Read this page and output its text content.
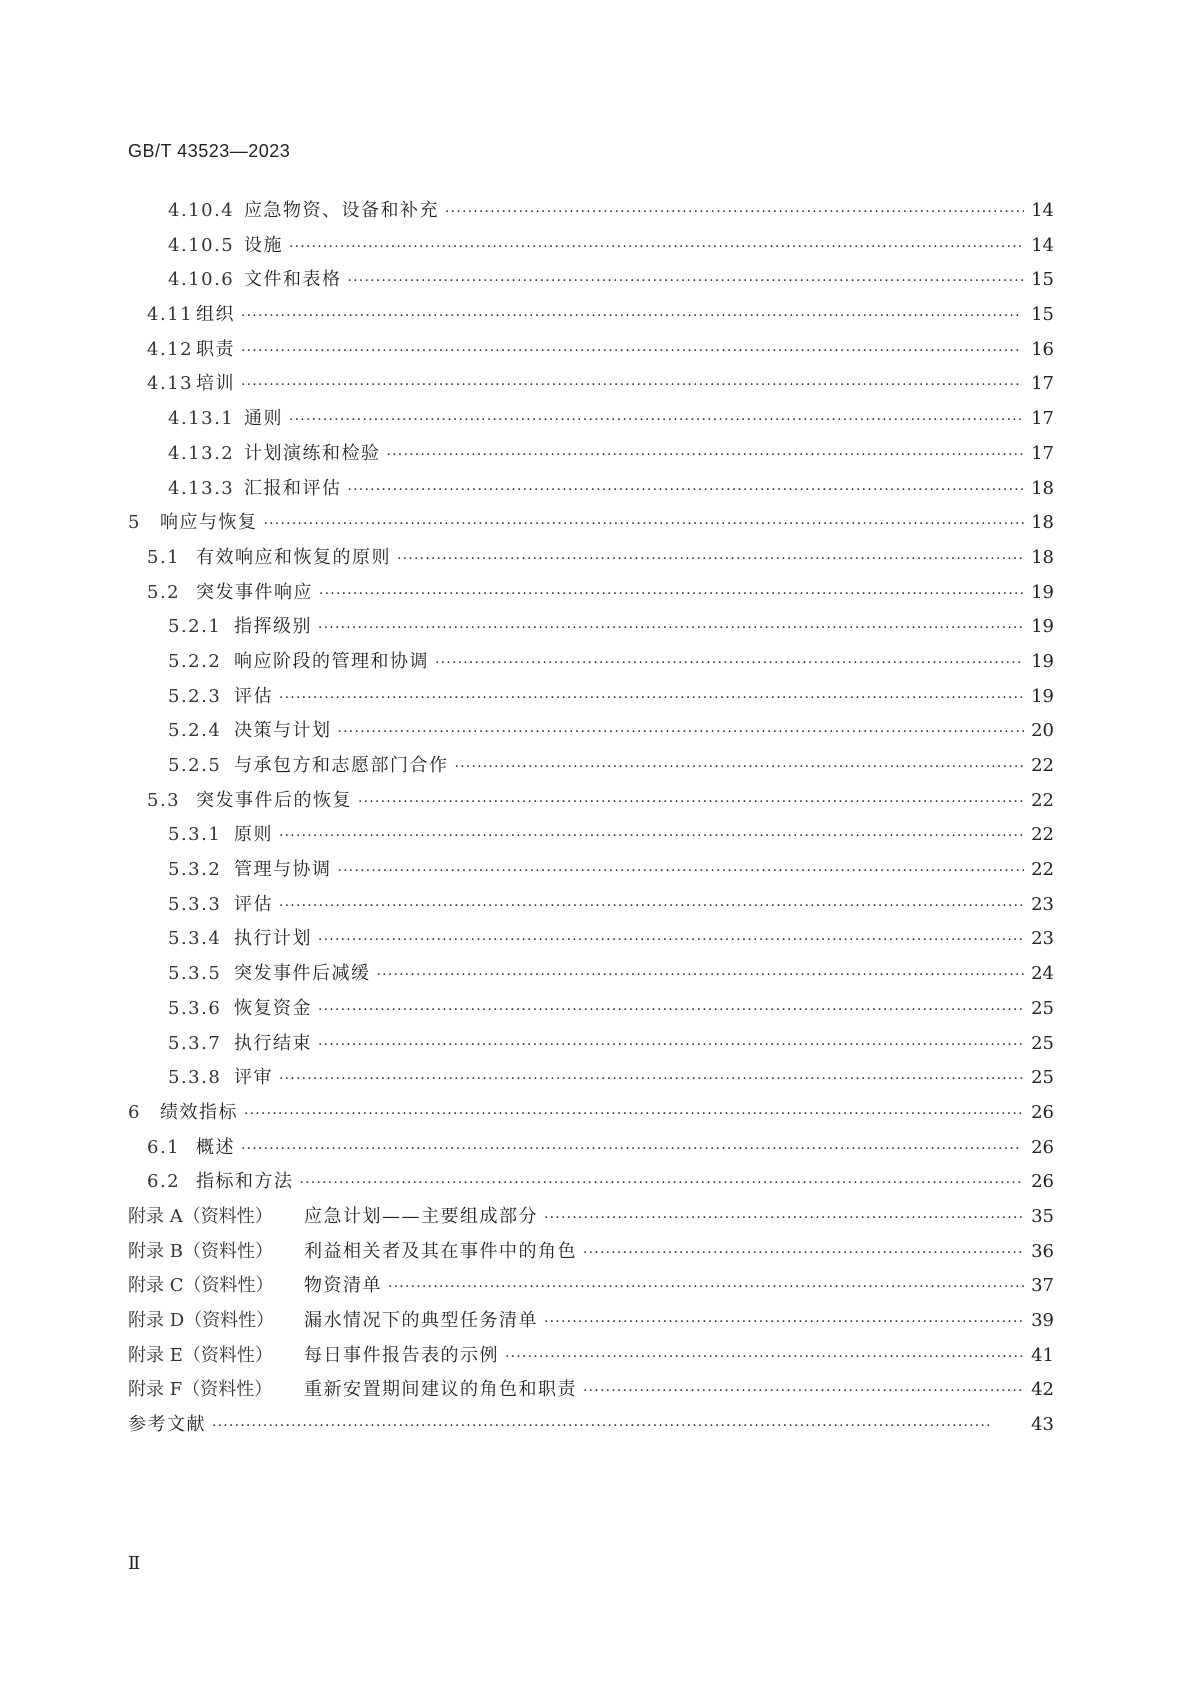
GB/T 43523—2023
4.10.4 应急物资、设备和补充 ·····	14
4.10.5 设施 ·····	14
4.10.6 文件和表格 ·····	15
4.11 组织 ·····	15
4.12 职责 ·····	16
4.13 培训 ·····	17
4.13.1 通则 ·····	17
4.13.2 计划演练和检验 ·····	17
4.13.3 汇报和评估 ·····	18
5	响应与恢复 ·····	18
5.1 有效响应和恢复的原则 ·····	18
5.2 突发事件响应 ·····	19
5.2.1 指挥级别 ·····	19
5.2.2 响应阶段的管理和协调 ·····	19
5.2.3 评估 ·····	19
5.2.4 决策与计划 ·····	20
5.2.5 与承包方和志愿部门合作 ·····	22
5.3 突发事件后的恢复 ·····	22
5.3.1 原则 ·····	22
5.3.2 管理与协调 ·····	22
5.3.3 评估 ·····	23
5.3.4 执行计划 ·····	23
5.3.5 突发事件后减缓 ·····	24
5.3.6 恢复资金 ·····	25
5.3.7 执行结束 ·····	25
5.3.8 评审 ·····	25
6	绩效指标 ·····	26
6.1 概述 ·····	26
6.2 指标和方法 ·····	26
附录 A（资料性）	应急计划——主要组成部分 ·····	35
附录 B（资料性）	利益相关者及其在事件中的角色 ·····	36
附录 C（资料性）	物资清单 ·····	37
附录 D（资料性）	漏水情况下的典型任务清单 ·····	39
附录 E（资料性）	每日事件报告表的示例 ·····	41
附录 F（资料性）	重新安置期间建议的角色和职责 ·····	42
参考文献 ·····	43
Ⅱ
